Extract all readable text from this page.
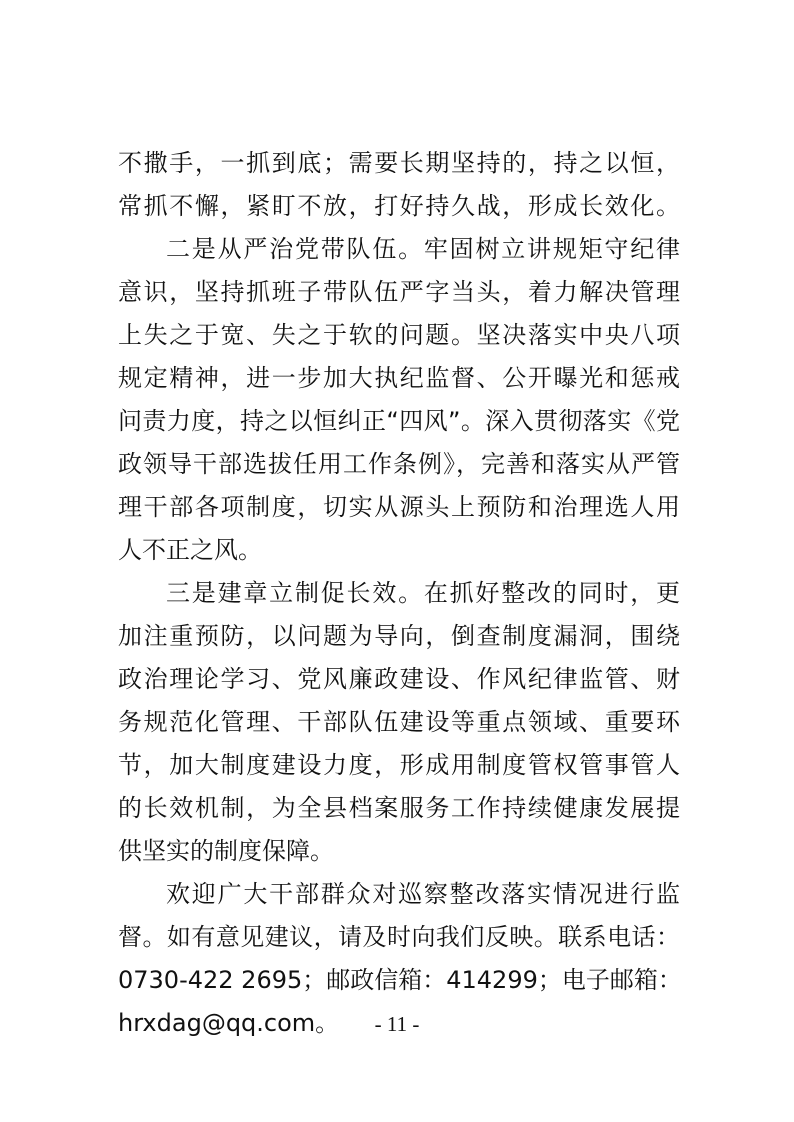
不撒手，一抓到底；需要长期坚持的，持之以恒，
常抓不懈，紧盯不放，打好持久战，形成长效化。
二是从严治党带队伍。牢固树立讲规矩守纪律
意识，坚持抓班子带队伍严字当头，着力解决管理
上失之于宽、失之于软的问题。坚决落实中央八项
规定精神，进一步加大执纪监督、公开曝光和惩戒
问责力度，持之以恒纠正“四风”。深入贯彻落实《党
政领导干部选拔任用工作条例》，完善和落实从严管
理干部各项制度，切实从源头上预防和治理选人用
人不正之风。
三是建章立制促长效。在抓好整改的同时，更
加注重预防，以问题为导向，倒查制度漏洞，围绕
政治理论学习、党风廉政建设、作风纪律监管、财
务规范化管理、干部队伍建设等重点领域、重要环
节，加大制度建设力度，形成用制度管权管事管人
的长效机制，为全县档案服务工作持续健康发展提
供坚实的制度保障。
欢迎广大干部群众对巡察整改落实情况进行监
督。如有意见建议，请及时向我们反映。联系电话：
0730-422 2695；邮政信箱：414299；电子邮箱：
hrxdag@qq.com。	- 11 -
